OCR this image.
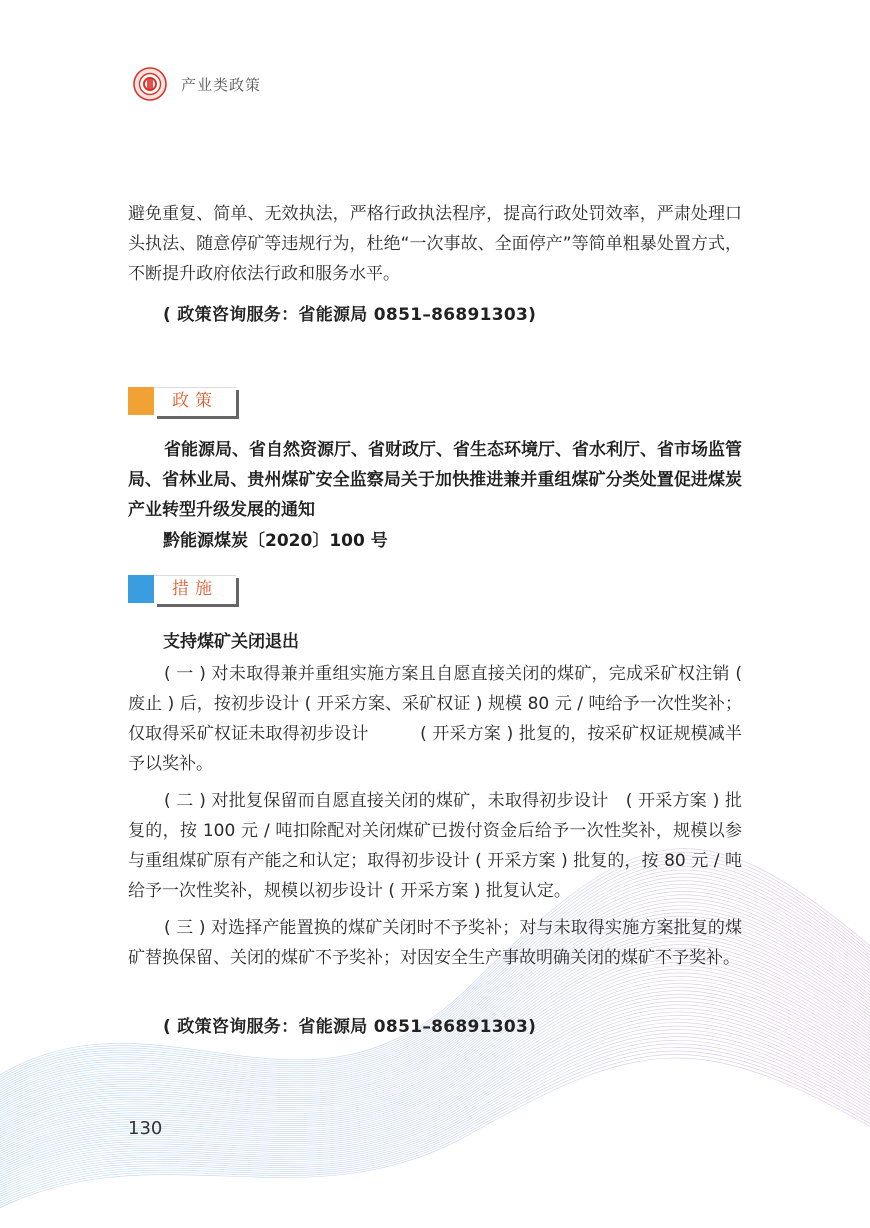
产业类政策
避免重复、简单、无效执法，严格行政执法程序，提高行政处罚效率，严肃处理口头执法、随意停矿等违规行为，杜绝“一次事故、全面停产”等简单粗暴处置方式，不断提升政府依法行政和服务水平。
( 政策咨询服务：省能源局 0851–86891303)
政策
省能源局、省自然资源厅、省财政厅、省生态环境厅、省水利厅、省市场监管局、省林业局、贵州煤矿安全监察局关于加快推进兼并重组煤矿分类处置促进煤炭产业转型升级发展的通知
黔能源煤炭〔2020〕100 号
措施
支持煤矿关闭退出

( 一 ) 对未取得兼并重组实施方案且自愿直接关闭的煤矿，完成采矿权注销 ( 废止 ) 后，按初步设计 ( 开采方案、采矿权证 ) 规模 80 元 / 吨给予一次性奖补；仅取得采矿权证未取得初步设计　　　( 开采方案 ) 批复的，按采矿权证规模减半予以奖补。

( 二 ) 对批复保留而自愿直接关闭的煤矿，未取得初步设计　( 开采方案 ) 批复的，按 100 元 / 吨扣除配对关闭煤矿已拨付资金后给予一次性奖补，规模以参与重组煤矿原有产能之和认定；取得初步设计 ( 开采方案 ) 批复的，按 80 元 / 吨给予一次性奖补，规模以初步设计 ( 开采方案 ) 批复认定。

( 三 ) 对选择产能置换的煤矿关闭时不予奖补；对与未取得实施方案批复的煤矿替换保留、关闭的煤矿不予奖补；对因安全生产事故明确关闭的煤矿不予奖补。

( 政策咨询服务：省能源局 0851–86891303)
130
